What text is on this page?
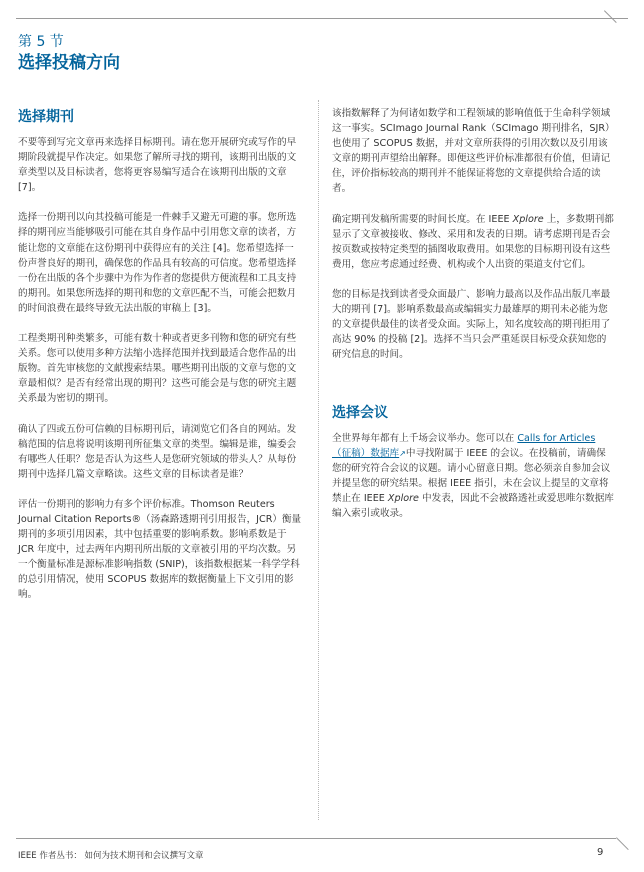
第 5 节
选择投稿方向
选择期刊

不要等到写完文章再来选择目标期刊。请在您开展研究或写作的早期阶段就提早作决定。如果您了解所寻找的期刊，该期刊出版的文章类型以及目标读者，您将更容易编写适合在该期刊出版的文章 [7]。

选择一份期刊以向其投稿可能是一件棘手又避无可避的事。您所选择的期刊应当能够吸引可能在其自身作品中引用您文章的读者，方能让您的文章能在这份期刊中获得应有的关注 [4]。您希望选择一份声誉良好的期刊，确保您的作品具有较高的可信度。您希望选择一份在出版的各个步骤中为作为作者的您提供方便流程和工具支持的期刊。如果您所选择的期刊和您的文章匹配不当，可能会把数月的时间浪费在最终导致无法出版的审稿上 [3]。

工程类期刊种类繁多，可能有数十种或者更多刊物和您的研究有些关系。您可以使用多种方法缩小选择范围并找到最适合您作品的出版物。首先审核您的文献搜索结果。哪些期刊出版的文章与您的文章最相似？是否有经常出现的期刊？这些可能会是与您的研究主题关系最为密切的期刊。

确认了四或五份可信赖的目标期刊后，请浏览它们各自的网站。发稿范围的信息将说明该期刊所征集文章的类型。编辑是谁，编委会有哪些人任职？您是否认为这些人是您研究领域的带头人？从每份期刊中选择几篇文章略读。这些文章的目标读者是谁？

评估一份期刊的影响力有多个评价标准。Thomson Reuters Journal Citation Reports®（汤森路透期刊引用报告，JCR）衡量期刊的多项引用因素，其中包括重要的影响系数。影响系数是于 JCR 年度中，过去两年内期刊所出版的文章被引用的平均次数。另一个衡量标准是源标准影响指数 (SNIP)，该指数根据某一科学学科的总引用情况，使用 SCOPUS 数据库的数据衡量上下文引用的影响。

该指数解释了为何诸如数学和工程领域的影响值低于生命科学领域这一事实。SCImago Journal Rank（SCImago 期刊排名，SJR）也使用了 SCOPUS 数据，并对文章所获得的引用次数以及引用该文章的期刊声望给出解释。即便这些评价标准都很有价值，但请记住，评价指标较高的期刊并不能保证将您的文章提供给合适的读者。

确定期刊发稿所需要的时间长度。在 IEEE Xplore 上，多数期刊都显示了文章被接收、修改、采用和发表的日期。请考虑期刊是否会按页数或按特定类型的插图收取费用。如果您的目标期刊设有这些费用，您应考虑通过经费、机构或个人出资的渠道支付它们。

您的目标是找到读者受众面最广、影响力最高以及作品出版几率最大的期刊 [7]。影响系数最高或编辑实力最雄厚的期刊未必能为您的文章提供最佳的读者受众面。实际上，知名度较高的期刊拒用了高达 90% 的投稿 [2]。选择不当只会严重延误目标受众获知您的研究信息的时间。

选择会议

全世界每年都有上千场会议举办。您可以在 Calls for Articles（征稿）数据库↗中寻找附属于 IEEE 的会议。在投稿前，请确保您的研究符合会议的议题。请小心留意日期。您必须亲自参加会议并提呈您的研究结果。根据 IEEE 指引，未在会议上提呈的文章将禁止在 IEEE Xplore 中发表，因此不会被路透社或爱思唯尔数据库编入索引或收录。

IEEE 作者丛书： 如何为技术期刊和会议撰写文章	9
